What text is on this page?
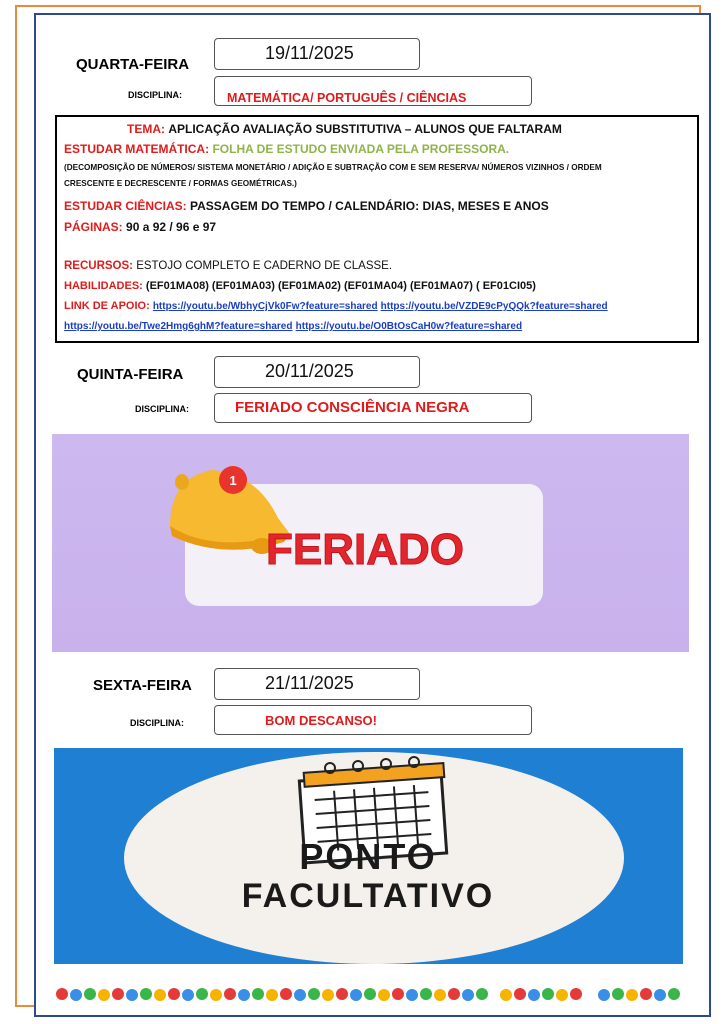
QUARTA-FEIRA
19/11/2025
DISCIPLINA:	MATEMÁTICA/ PORTUGUÊS / CIÊNCIAS
TEMA: APLICAÇÃO AVALIAÇÃO SUBSTITUTIVA – ALUNOS QUE FALTARAM
ESTUDAR MATEMÁTICA: FOLHA DE ESTUDO ENVIADA PELA PROFESSORA.
(DECOMPOSIÇÃO DE NÚMEROS/ SISTEMA MONETÁRIO / ADIÇÃO E SUBTRAÇÃO COM E SEM RESERVA/ NÚMEROS VIZINHOS / ORDEM
CRESCENTE E DECRESCENTE / FORMAS GEOMÉTRICAS.)
ESTUDAR CIÊNCIAS: PASSAGEM DO TEMPO / CALENDÁRIO: DIAS, MESES E ANOS
PÁGINAS: 90 a 92 / 96 e 97
RECURSOS: ESTOJO COMPLETO E CADERNO DE CLASSE.
HABILIDADES: (EF01MA08) (EF01MA03) (EF01MA02) (EF01MA04) (EF01MA07) ( EF01CI05)
LINK DE APOIO: https://youtu.be/WbhyCjVk0Fw?feature=shared https://youtu.be/VZDE9cPyQQk?feature=shared
https://youtu.be/Twe2Hmg6ghM?feature=shared https://youtu.be/O0BtOsCaH0w?feature=shared
QUINTA-FEIRA	20/11/2025
DISCIPLINA:	FERIADO CONSCIÊNCIA NEGRA
1
FERIADO
SEXTA-FEIRA	21/11/2025
DISCIPLINA:	BOM DESCANSO!
PONTO
FACULTATIVO
